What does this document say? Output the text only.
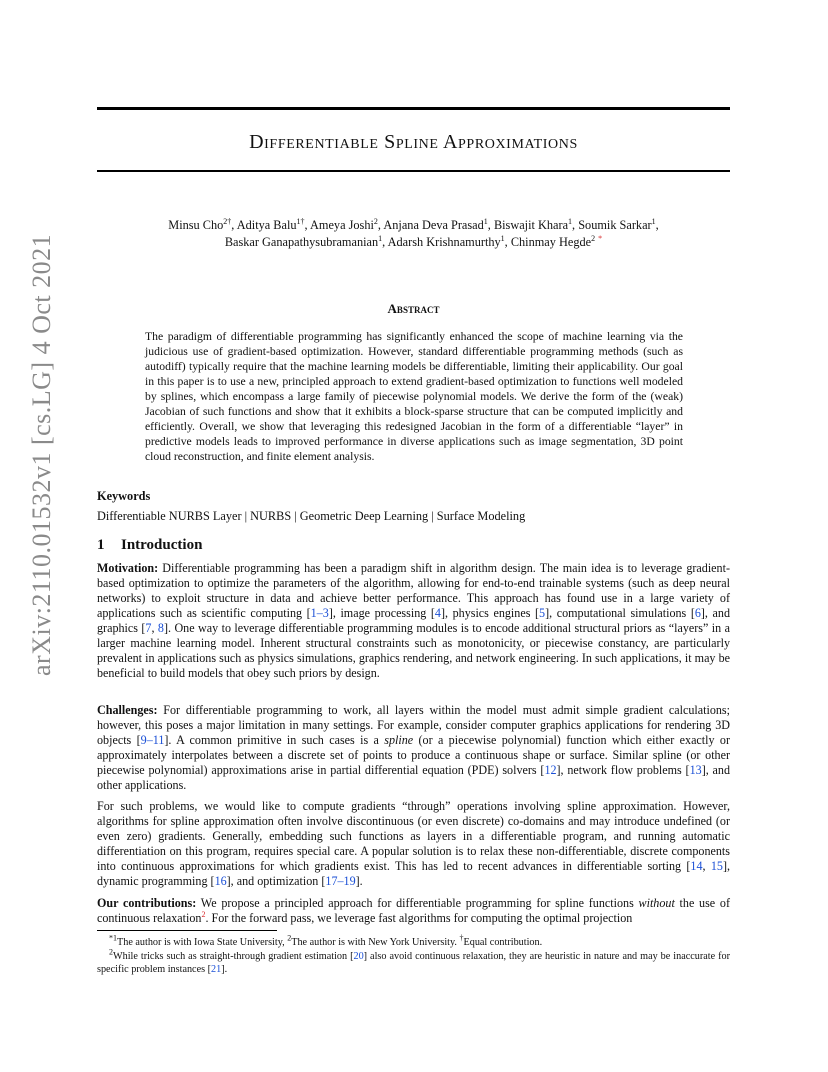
Differentiable Spline Approximations
Minsu Cho$^{2\dagger}$, Aditya Balu$^{1\dagger}$, Ameya Joshi$^2$, Anjana Deva Prasad$^1$, Biswajit Khara$^1$, Soumik Sarkar$^1$,
Baskar Ganapathysubramanian$^1$, Adarsh Krishnamurthy$^1$, Chinmay Hegde$^2$ *
arXiv:2110.01532v1 [cs.LG] 4 Oct 2021	Abstract
The paradigm of differentiable programming has significantly enhanced the scope of machine learning via the judicious use of gradient-based optimization. However, standard differentiable programming methods (such as autodiff) typically require that the machine learning models be differentiable, limiting their applicability. Our goal in this paper is to use a new, principled approach to extend gradient-based optimization to functions well modeled by splines, which encompass a large family of piecewise polynomial models. We derive the form of the (weak) Jacobian of such functions and show that it exhibits a block-sparse structure that can be computed implicitly and efficiently. Overall, we show that leveraging this redesigned Jacobian in the form of a differentiable “layer” in predictive models leads to improved performance in diverse applications such as image segmentation, 3D point cloud reconstruction, and finite element analysis.
Keywords
Differentiable NURBS Layer | NURBS | Geometric Deep Learning | Surface Modeling
1 Introduction

Motivation: Differentiable programming has been a paradigm shift in algorithm design. The main idea is to leverage gradient-based optimization to optimize the parameters of the algorithm, allowing for end-to-end trainable systems (such as deep neural networks) to exploit structure in data and achieve better performance. This approach has found use in a large variety of applications such as scientific computing [1–3], image processing [4], physics engines [5], computational simulations [6], and graphics [7, 8]. One way to leverage differentiable programming modules is to encode additional structural priors as “layers” in a larger machine learning model. Inherent structural constraints such as monotonicity, or piecewise constancy, are particularly prevalent in applications such as physics simulations, graphics rendering, and network engineering. In such applications, it may be beneficial to build models that obey such priors by design.

Challenges: For differentiable programming to work, all layers within the model must admit simple gradient calculations; however, this poses a major limitation in many settings. For example, consider computer graphics applications for rendering 3D objects [9–11]. A common primitive in such cases is a spline (or a piecewise polynomial) function which either exactly or approximately interpolates between a discrete set of points to produce a continuous shape or surface. Similar spline (or other piecewise polynomial) approximations arise in partial differential equation (PDE) solvers [12], network flow problems [13], and other applications.

For such problems, we would like to compute gradients “through” operations involving spline approximation. However, algorithms for spline approximation often involve discontinuous (or even discrete) co-domains and may introduce undefined (or even zero) gradients. Generally, embedding such functions as layers in a differentiable program, and running automatic differentiation on this program, requires special care. A popular solution is to relax these non-differentiable, discrete components into continuous approximations for which gradients exist. This has led to recent advances in differentiable sorting [14, 15], dynamic programming [16], and optimization [17–19].

Our contributions: We propose a principled approach for differentiable programming for spline functions without the use of continuous relaxation$^2$. For the forward pass, we leverage fast algorithms for computing the optimal projection

$^{*1}$The author is with Iowa State University, $^2$The author is with New York University. †Equal contribution.
$^2$While tricks such as straight-through gradient estimation [20] also avoid continuous relaxation, they are heuristic in nature and may be inaccurate for specific problem instances [21].
